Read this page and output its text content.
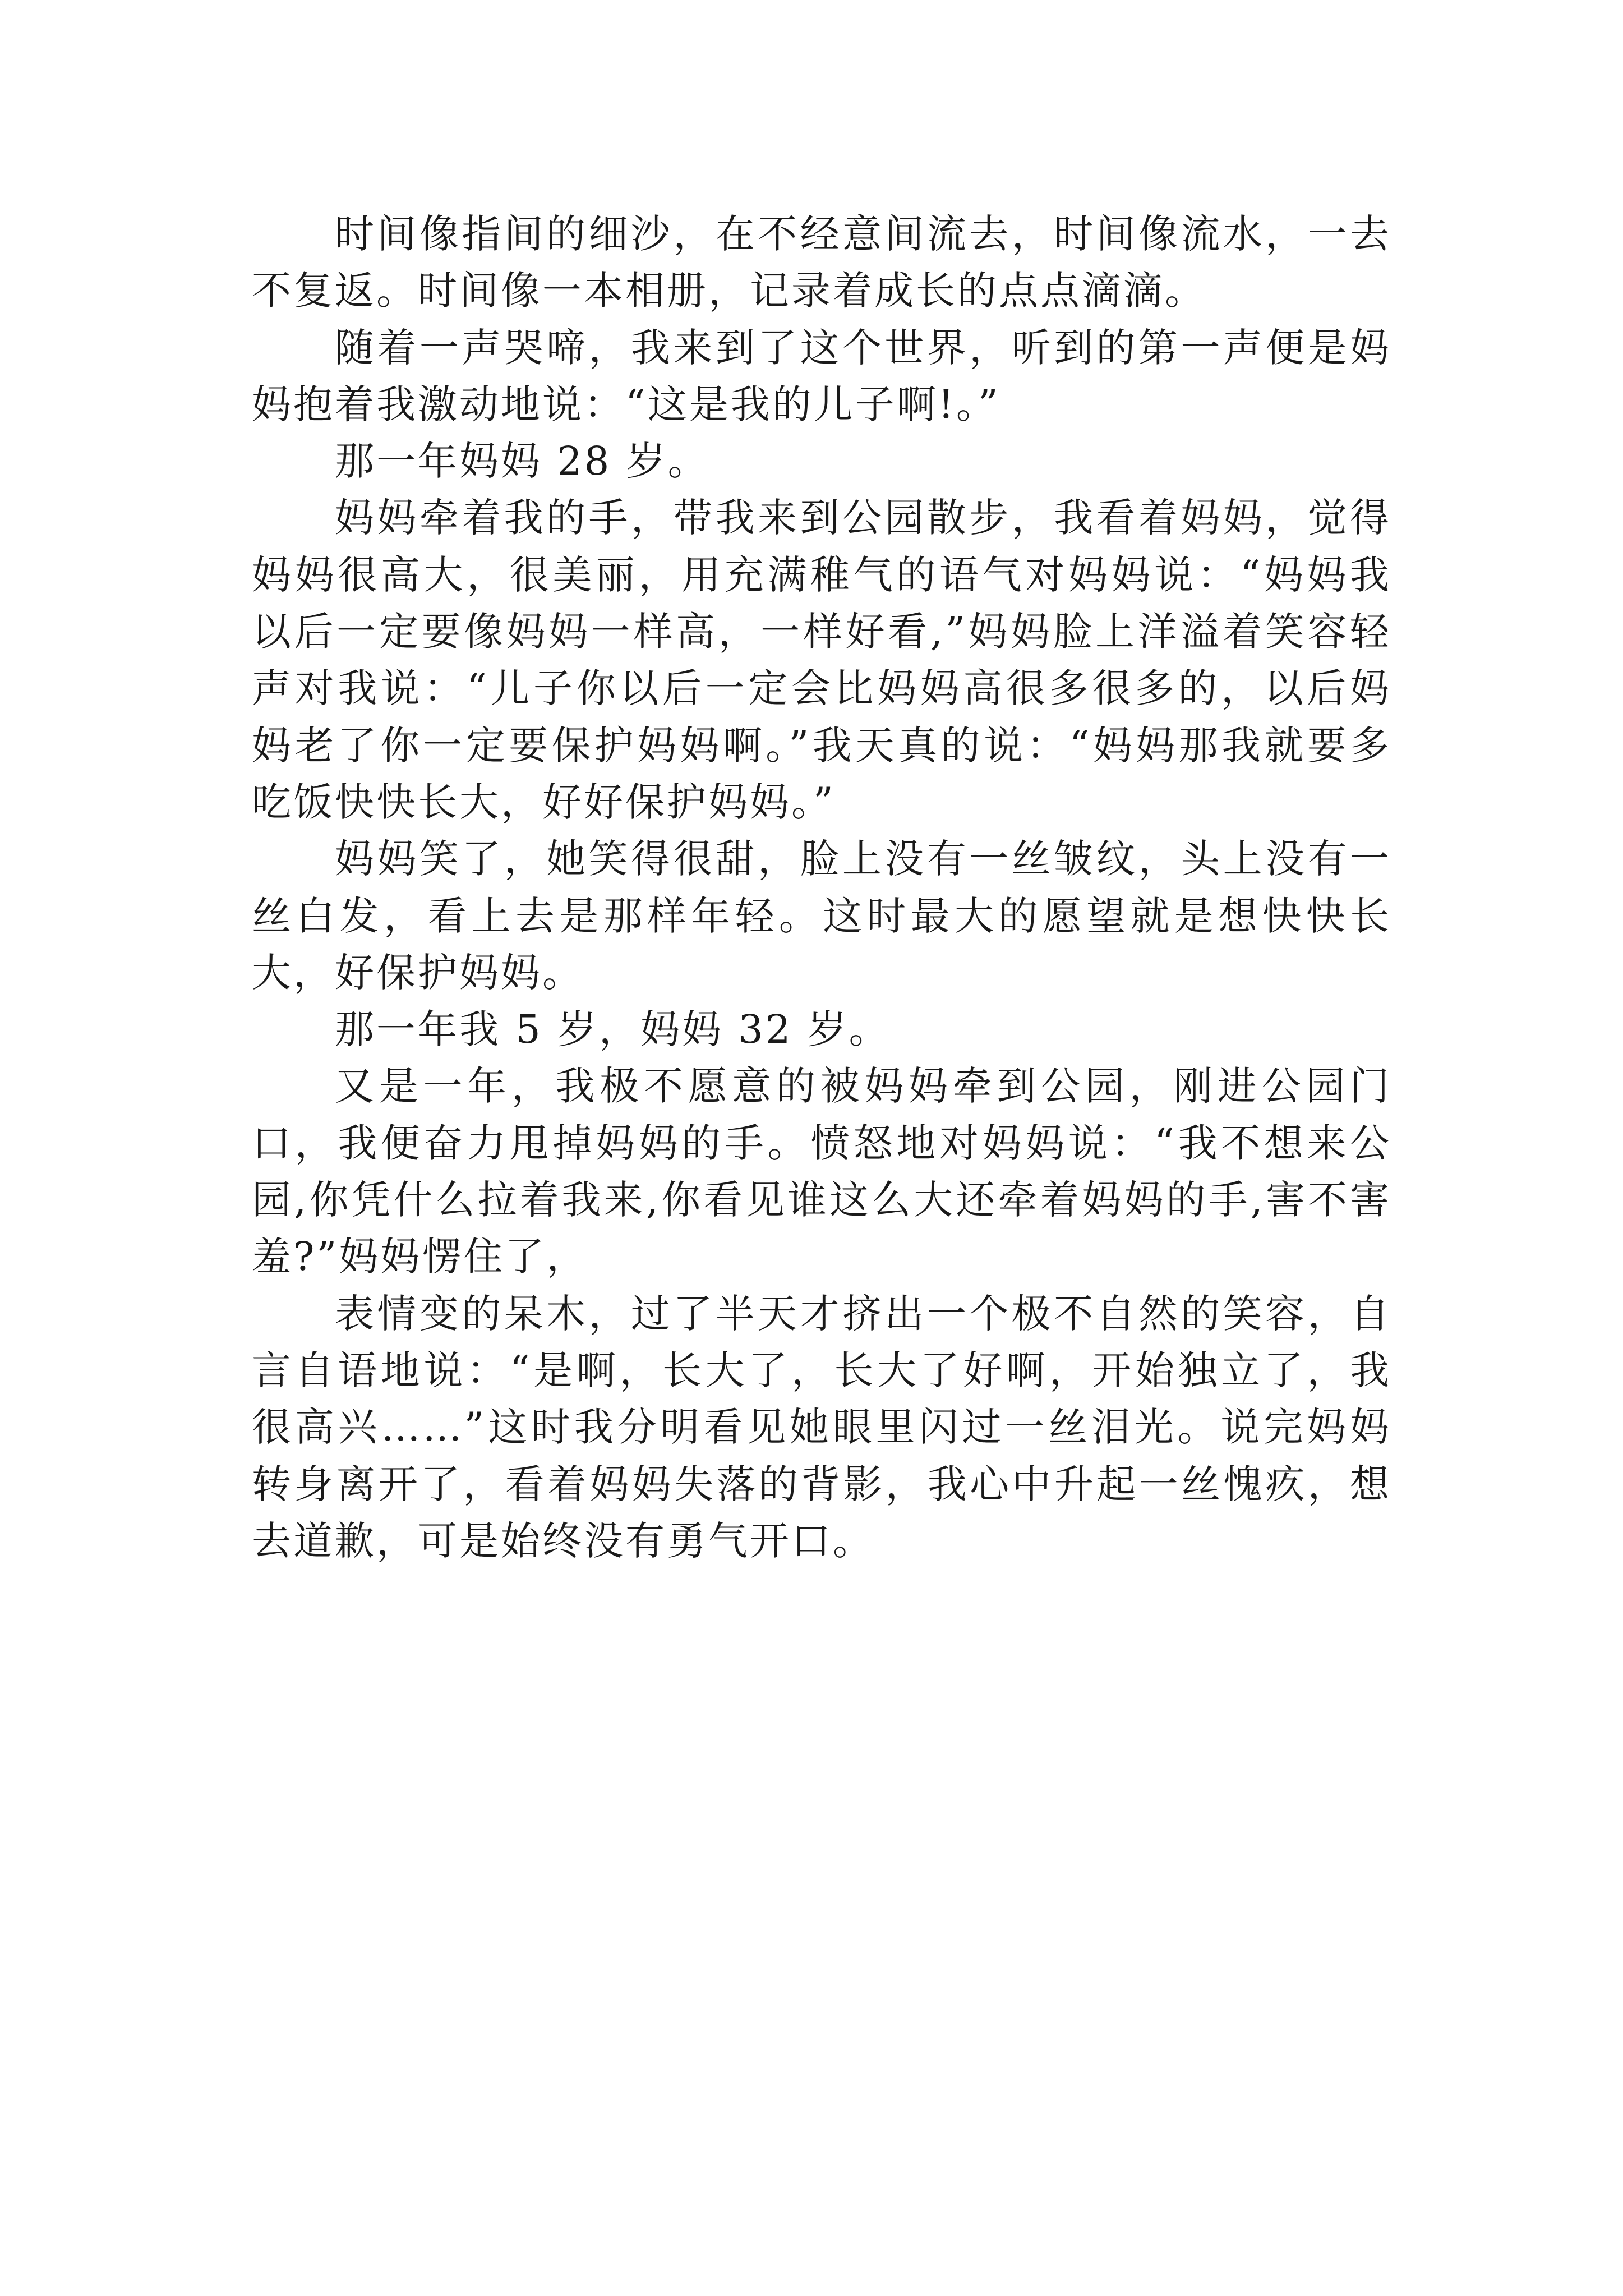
时间像指间的细沙，在不经意间流去，时间像流水，一去不复返。时间像一本相册，记录着成长的点点滴滴。

随着一声哭啼，我来到了这个世界，听到的第一声便是妈妈抱着我激动地说：“这是我的儿子啊!。”

那一年妈妈 28 岁。

妈妈牵着我的手，带我来到公园散步，我看着妈妈，觉得妈妈很高大，很美丽，用充满稚气的语气对妈妈说：“妈妈我以后一定要像妈妈一样高，一样好看,”妈妈脸上洋溢着笑容轻声对我说：“儿子你以后一定会比妈妈高很多很多的，以后妈妈老了你一定要保护妈妈啊。”我天真的说：“妈妈那我就要多吃饭快快长大，好好保护妈妈。”

妈妈笑了，她笑得很甜，脸上没有一丝皱纹，头上没有一丝白发，看上去是那样年轻。这时最大的愿望就是想快快长大，好保护妈妈。

那一年我 5 岁，妈妈 32 岁。

又是一年，我极不愿意的被妈妈牵到公园，刚进公园门口，我便奋力甩掉妈妈的手。愤怒地对妈妈说：“我不想来公园,你凭什么拉着我来,你看见谁这么大还牵着妈妈的手,害不害羞?”妈妈愣住了，

表情变的呆木，过了半天才挤出一个极不自然的笑容，自言自语地说：“是啊，长大了，长大了好啊，开始独立了，我很高兴……”这时我分明看见她眼里闪过一丝泪光。说完妈妈转身离开了，看着妈妈失落的背影，我心中升起一丝愧疚，想去道歉，可是始终没有勇气开口。
